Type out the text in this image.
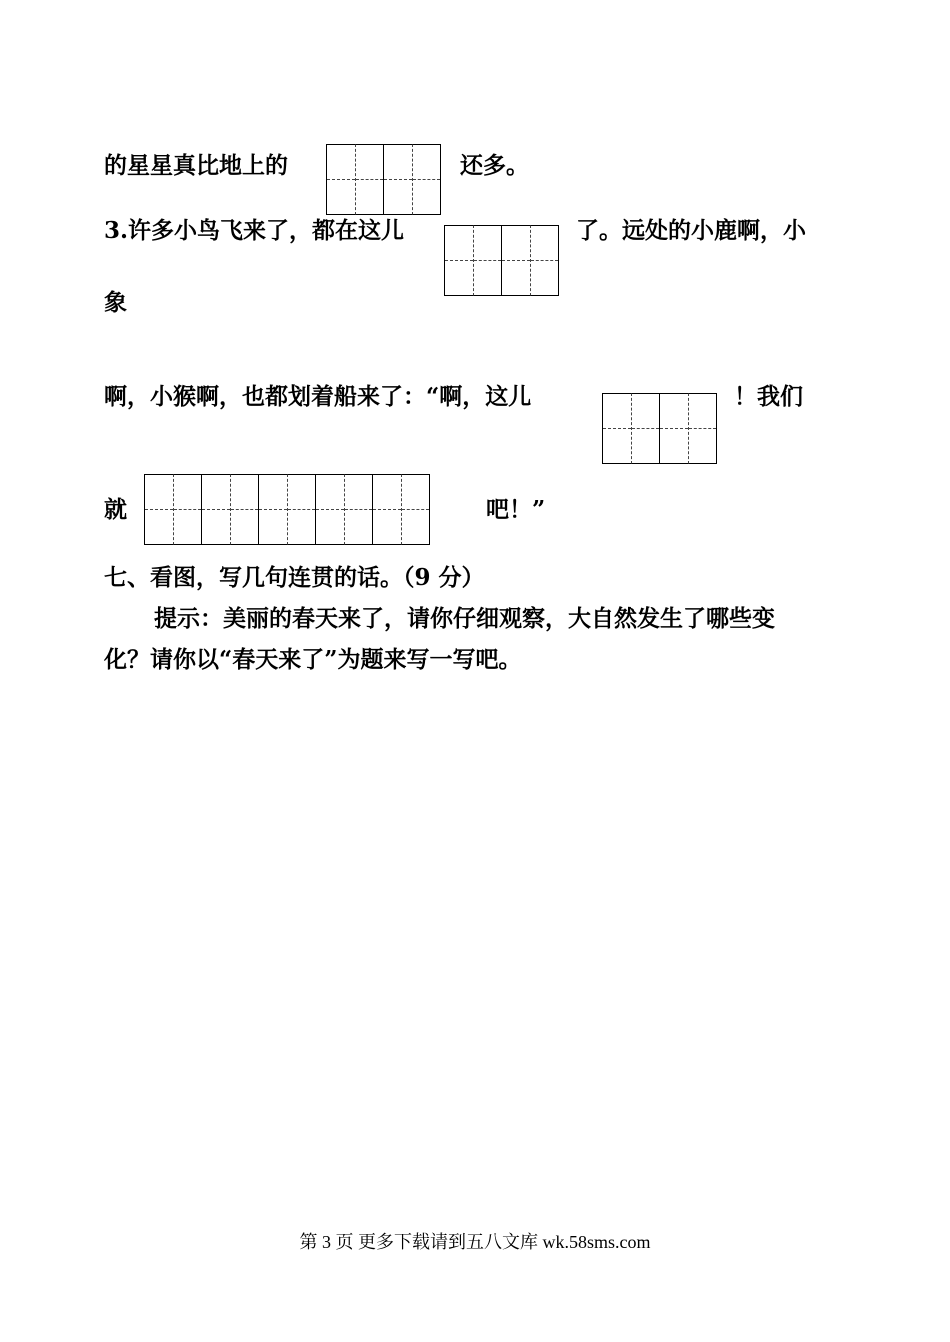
的星星真比地上的	还多。
3.许多小鸟飞来了，都在这儿	了。远处的小鹿啊，小
象
啊，小猴啊，也都划着船来了：“啊，这儿	！我们
就	吧！”
七、看图，写几句连贯的话。（9 分）
提示：美丽的春天来了，请你仔细观察，大自然发生了哪些变
化？请你以“春天来了”为题来写一写吧。
第 3 页 更多下载请到五八文库 wk.58sms.com
